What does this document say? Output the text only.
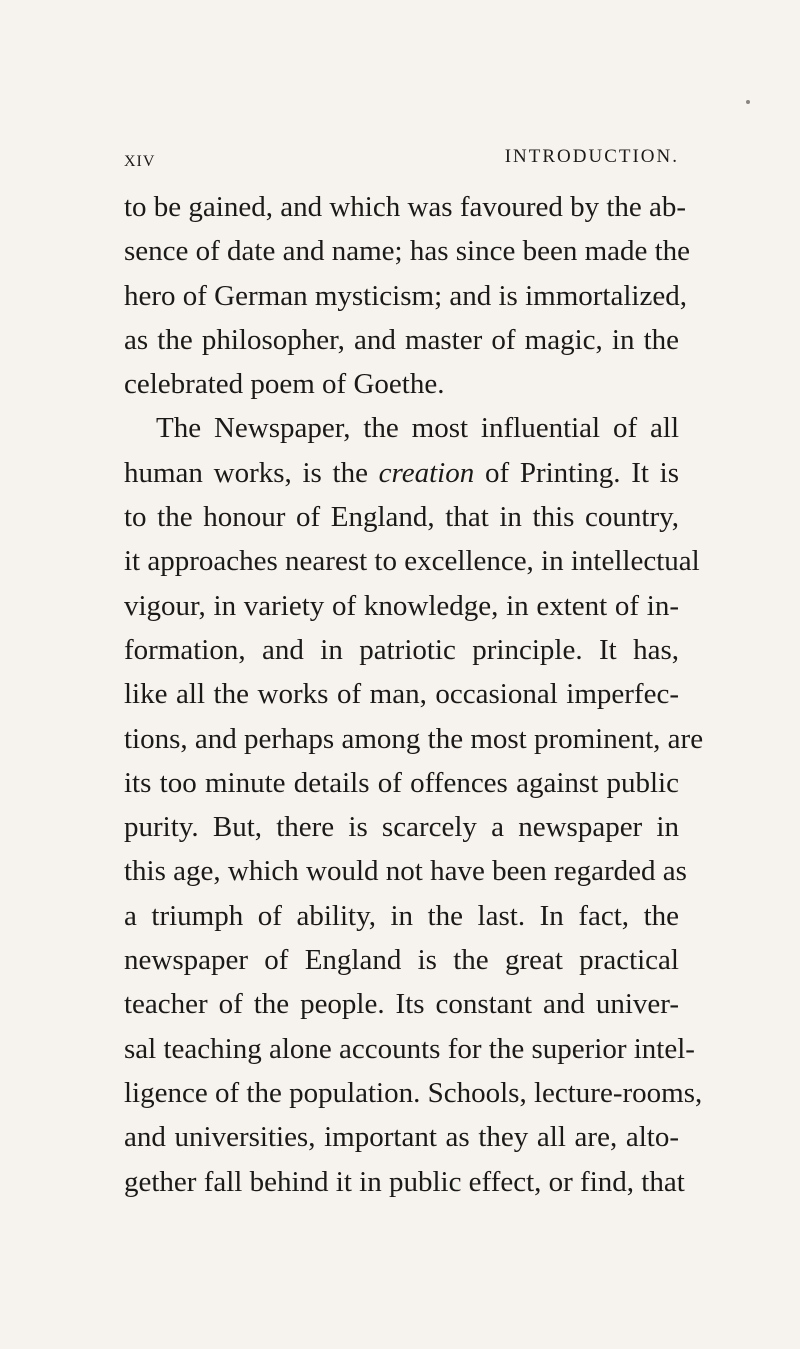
xiv	INTRODUCTION.
to be gained, and which was favoured by the ab-
sence of date and name; has since been made the
hero of German mysticism; and is immortalized,
as the philosopher, and master of magic, in the
celebrated poem of Goethe.
The Newspaper, the most influential of all
human works, is the creation of Printing. It is
to the honour of England, that in this country,
it approaches nearest to excellence, in intellectual
vigour, in variety of knowledge, in extent of in-
formation, and in patriotic principle. It has,
like all the works of man, occasional imperfec-
tions, and perhaps among the most prominent, are
its too minute details of offences against public
purity. But, there is scarcely a newspaper in
this age, which would not have been regarded as
a triumph of ability, in the last. In fact, the
newspaper of England is the great practical
teacher of the people. Its constant and univer-
sal teaching alone accounts for the superior intel-
ligence of the population. Schools, lecture-rooms,
and universities, important as they all are, alto-
gether fall behind it in public effect, or find, that
